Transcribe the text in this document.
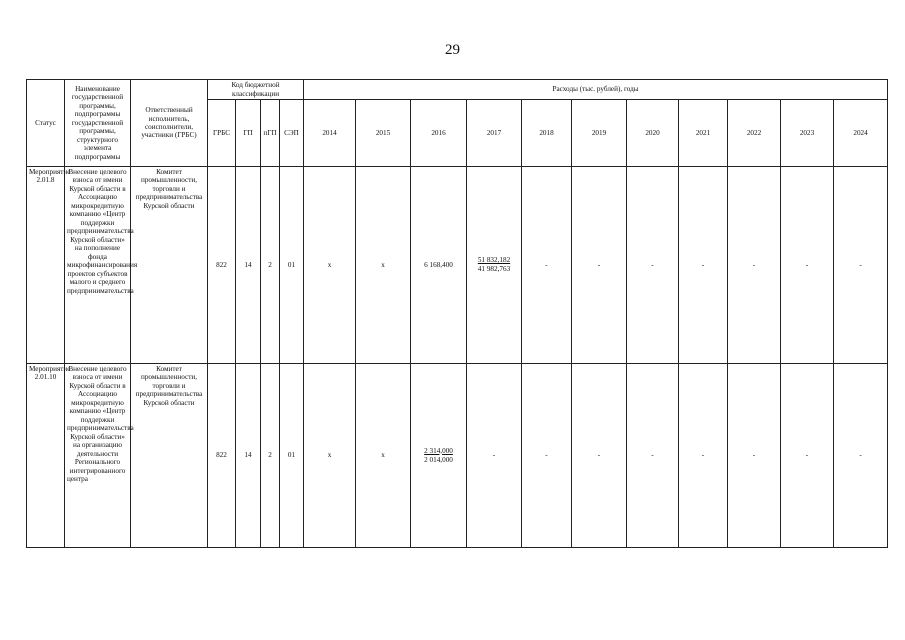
29
Статус	Наименование государственной программы, подпрограммы государственной программы, структурного элемента подпрограммы	Ответственный исполнитель, соисполнители, участники (ГРБС)	Код бюджетной классификации				Расходы (тыс. рублей), годы										
			ГРБС	ГП	пГП	СЭП	2014	2015	2016	2017	2018	2019	2020	2021	2022	2023	2024
Мероприятие 2.01.8	Внесение целевого взноса от имени Курской области в Ассоциацию микрокредитную компанию «Центр поддержки предпринимательства Курской области» на пополнение фонда микрофинансирования проектов субъектов малого и среднего предпринимательства	Комитет промышленности, торговли и предпринимательства Курской области	822	14	2	01	х	х	6 168,400	$\frac{51 832,182}{41 982,763}$	-	-	-	-	-	-	-
Мероприятие 2.01.10	Внесение целевого взноса от имени Курской области в Ассоциацию микрокредитную компанию «Центр поддержки предпринимательства Курской области» на организацию деятельности Регионального интегрированного центра	Комитет промышленности, торговли и предпринимательства Курской области	822	14	2	01	х	х	$\frac{2 314,000}{2 014,000}$	-	-	-	-	-	-	-	-
